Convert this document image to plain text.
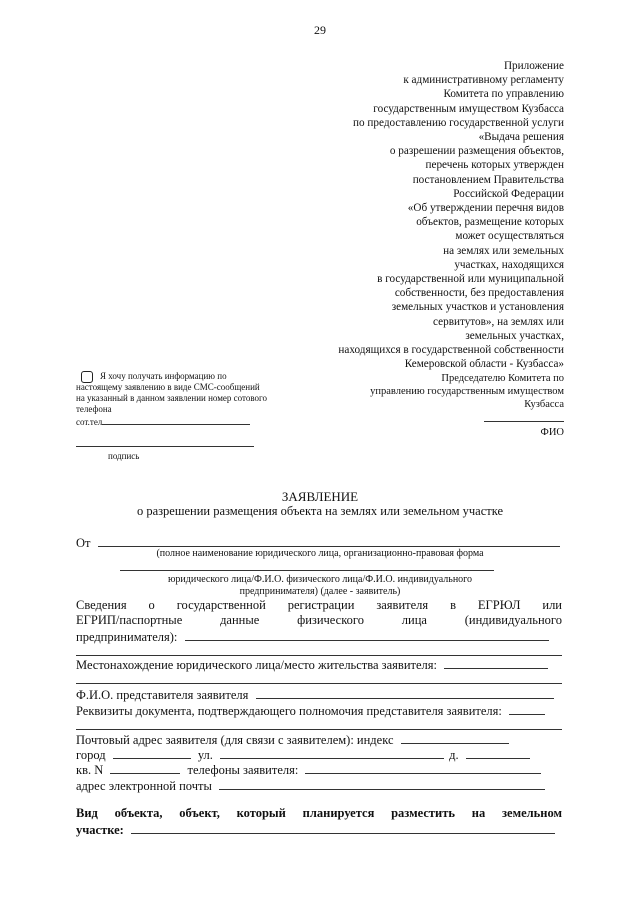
29
Приложение
к административному регламенту
Комитета по управлению
государственным имуществом Кузбасса
по предоставлению государственной услуги
«Выдача решения
о разрешении размещения объектов,
перечень которых утвержден
постановлением Правительства
Российской Федерации
«Об утверждении перечня видов
объектов, размещение которых
может осуществляться
на землях или земельных
участках, находящихся
в государственной или муниципальной
собственности, без предоставления
земельных участков и установления
сервитутов», на землях или
земельных участках,
находящихся в государственной собственности
Кемеровской области - Кузбасса»
Я хочу получать информацию по
настоящему заявлению в виде СМС-сообщений
на указанный в данном заявлении номер сотового
телефона
сот.тел
подпись
Председателю Комитета по
управлению государственным имуществом
Кузбасса
ФИО
ЗАЯВЛЕНИЕ
о разрешении размещения объекта на землях или земельном участке
От
(полное наименование юридического лица, организационно-правовая форма
юридического лица/Ф.И.О. физического лица/Ф.И.О. индивидуального
предпринимателя) (далее - заявитель)
Сведения о государственной регистрации заявителя в ЕГРЮЛ или
ЕГРИП/паспортные данные физического лица (индивидуального
предпринимателя):
Местонахождение юридического лица/место жительства заявителя:
Ф.И.О. представителя заявителя
Реквизиты документа, подтверждающего полномочия представителя заявителя:
Почтовый адрес заявителя (для связи с заявителем): индекс
город	ул.	д.
кв. N	телефоны заявителя:
адрес электронной почты
Вид объекта, объект, который планируется разместить на земельном
участке:
